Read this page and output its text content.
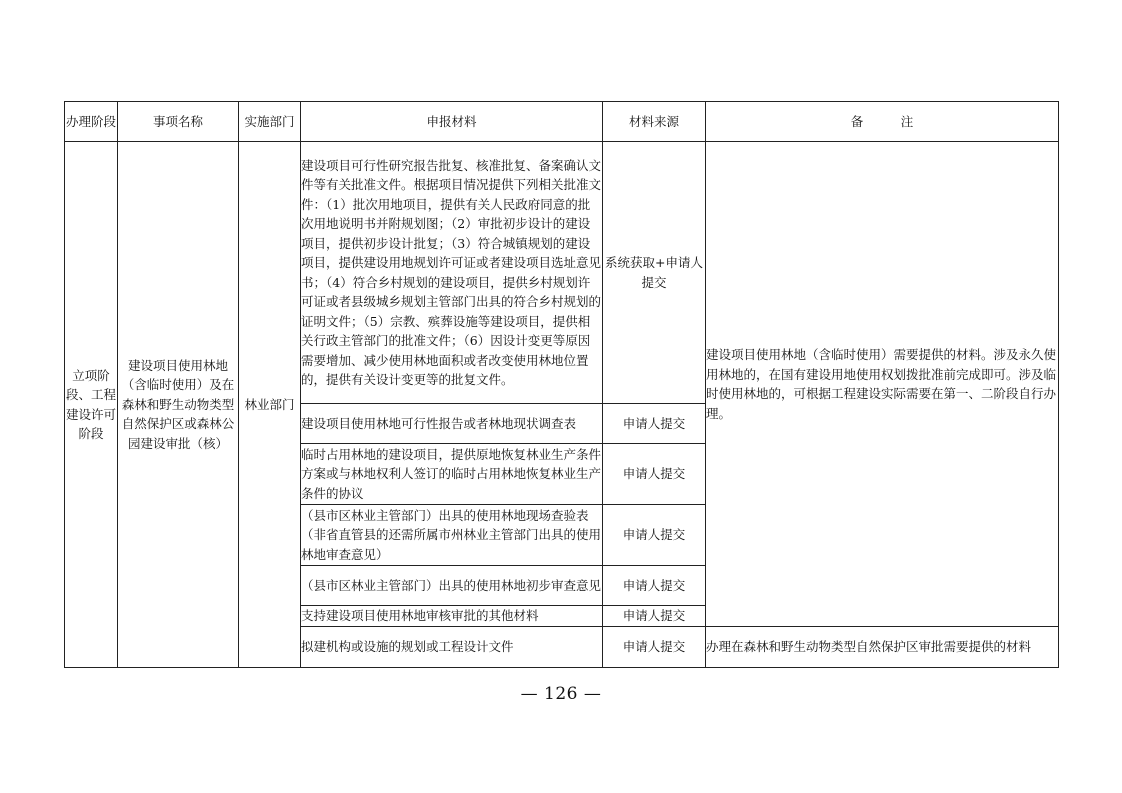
办理阶段	事项名称	实施部门	申报材料	材料来源	备　　　注
立项阶段、工程建设许可阶段	建设项目使用林地（含临时使用）及在森林和野生动物类型自然保护区或森林公园建设审批（核）	林业部门	建设项目可行性研究报告批复、核准批复、备案确认文件等有关批准文件。根据项目情况提供下列相关批准文件：（1）批次用地项目，提供有关人民政府同意的批次用地说明书并附规划图；（2）审批初步设计的建设项目，提供初步设计批复；（3）符合城镇规划的建设项目，提供建设用地规划许可证或者建设项目选址意见书；（4）符合乡村规划的建设项目，提供乡村规划许可证或者县级城乡规划主管部门出具的符合乡村规划的证明文件；（5）宗教、殡葬设施等建设项目，提供相关行政主管部门的批准文件；（6）因设计变更等原因需要增加、减少使用林地面积或者改变使用林地位置的，提供有关设计变更等的批复文件。	系统获取+申请人提交	建设项目使用林地（含临时使用）需要提供的材料。涉及永久使用林地的，在国有建设用地使用权划拨批准前完成即可。涉及临时使用林地的，可根据工程建设实际需要在第一、二阶段自行办理。
			建设项目使用林地可行性报告或者林地现状调查表	申请人提交	
			临时占用林地的建设项目，提供原地恢复林业生产条件方案或与林地权利人签订的临时占用林地恢复林业生产条件的协议	申请人提交	
			（县市区林业主管部门）出具的使用林地现场查验表（非省直管县的还需所属市州林业主管部门出具的使用林地审查意见）	申请人提交	
			（县市区林业主管部门）出具的使用林地初步审查意见	申请人提交	
			支持建设项目使用林地审核审批的其他材料	申请人提交	
			拟建机构或设施的规划或工程设计文件	申请人提交	办理在森林和野生动物类型自然保护区审批需要提供的材料
— 126 —
